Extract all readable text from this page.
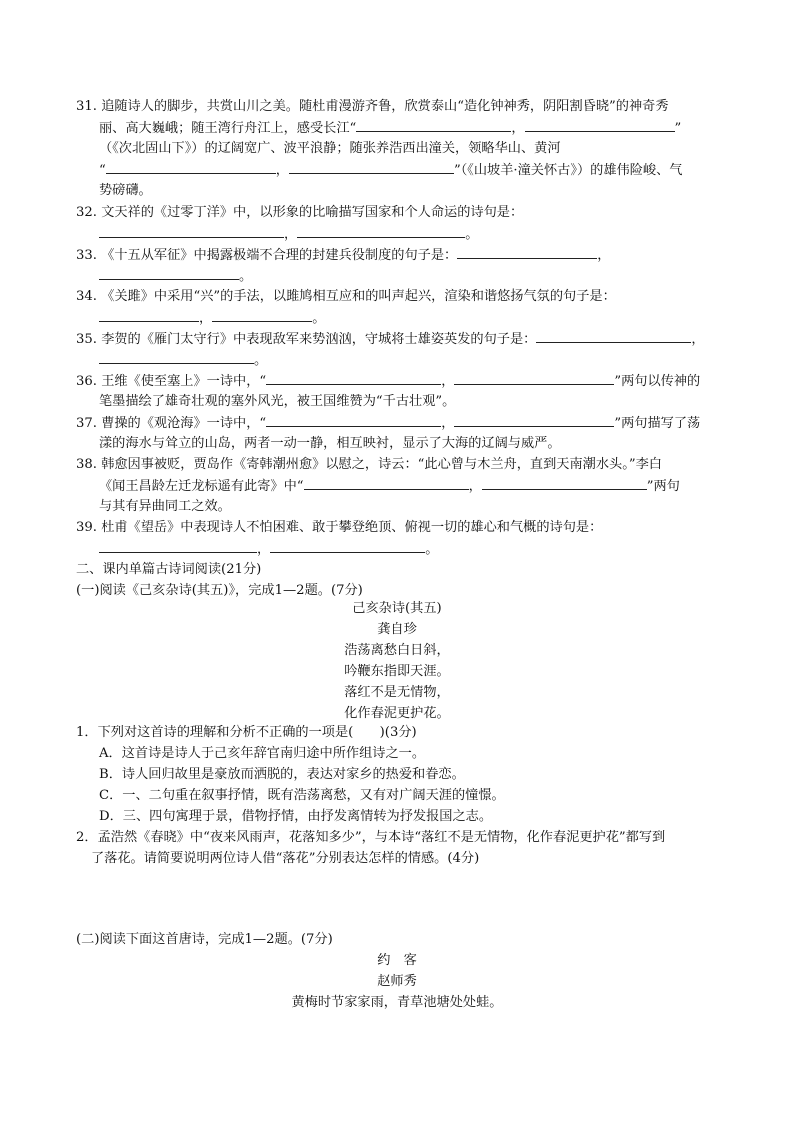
31. 追随诗人的脚步，共赏山川之美。随杜甫漫游齐鲁，欣赏泰山“造化钟神秀，阴阳割昏晓”的神奇秀
丽、高大巍峨；随王湾行舟江上，感受长江“	，	”
（《次北固山下》）的辽阔宽广、波平浪静；随张养浩西出潼关，领略华山、黄河
“	，	”（《山坡羊·潼关怀古》）的雄伟险峻、气
势磅礴。
32. 文天祥的《过零丁洋》中，以形象的比喻描写国家和个人命运的诗句是：
，	。
33. 《十五从军征》中揭露极端不合理的封建兵役制度的句子是：	，
。
34. 《关雎》中采用“兴”的手法，以雎鸠相互应和的叫声起兴，渲染和谐悠扬气氛的句子是：
，	。
35. 李贺的《雁门太守行》中表现敌军来势汹汹，守城将士雄姿英发的句子是：	，
。
36. 王维《使至塞上》一诗中，“	，	”两句以传神的
笔墨描绘了雄奇壮观的塞外风光，被王国维赞为“千古壮观”。
37. 曹操的《观沧海》一诗中，“	，	”两句描写了荡
漾的海水与耸立的山岛，两者一动一静，相互映衬，显示了大海的辽阔与威严。
38. 韩愈因事被贬，贾岛作《寄韩潮州愈》以慰之，诗云：“此心曾与木兰舟，直到天南潮水头。”李白
《闻王昌龄左迁龙标遥有此寄》中“	，	”两句
与其有异曲同工之效。
39. 杜甫《望岳》中表现诗人不怕困难、敢于攀登绝顶、俯视一切的雄心和气概的诗句是：
，	。
二、课内单篇古诗词阅读(21分)
(一)阅读《己亥杂诗(其五)》，完成1—2题。(7分)
己亥杂诗(其五)
龚自珍
浩荡离愁白日斜，
吟鞭东指即天涯。
落红不是无情物，
化作春泥更护花。
1．下列对这首诗的理解和分析不正确的一项是(　　)(3分)
A．这首诗是诗人于己亥年辞官南归途中所作组诗之一。
B．诗人回归故里是豪放而洒脱的，表达对家乡的热爱和眷恋。
C．一、二句重在叙事抒情，既有浩荡离愁，又有对广阔天涯的憧憬。
D．三、四句寓理于景，借物抒情，由抒发离情转为抒发报国之志。
2．孟浩然《春晓》中“夜来风雨声，花落知多少”，与本诗“落红不是无情物，化作春泥更护花”都写到
了落花。请简要说明两位诗人借“落花”分别表达怎样的情感。(4分)
(二)阅读下面这首唐诗，完成1—2题。(7分)
约　客
赵师秀
黄梅时节家家雨，青草池塘处处蛙。
